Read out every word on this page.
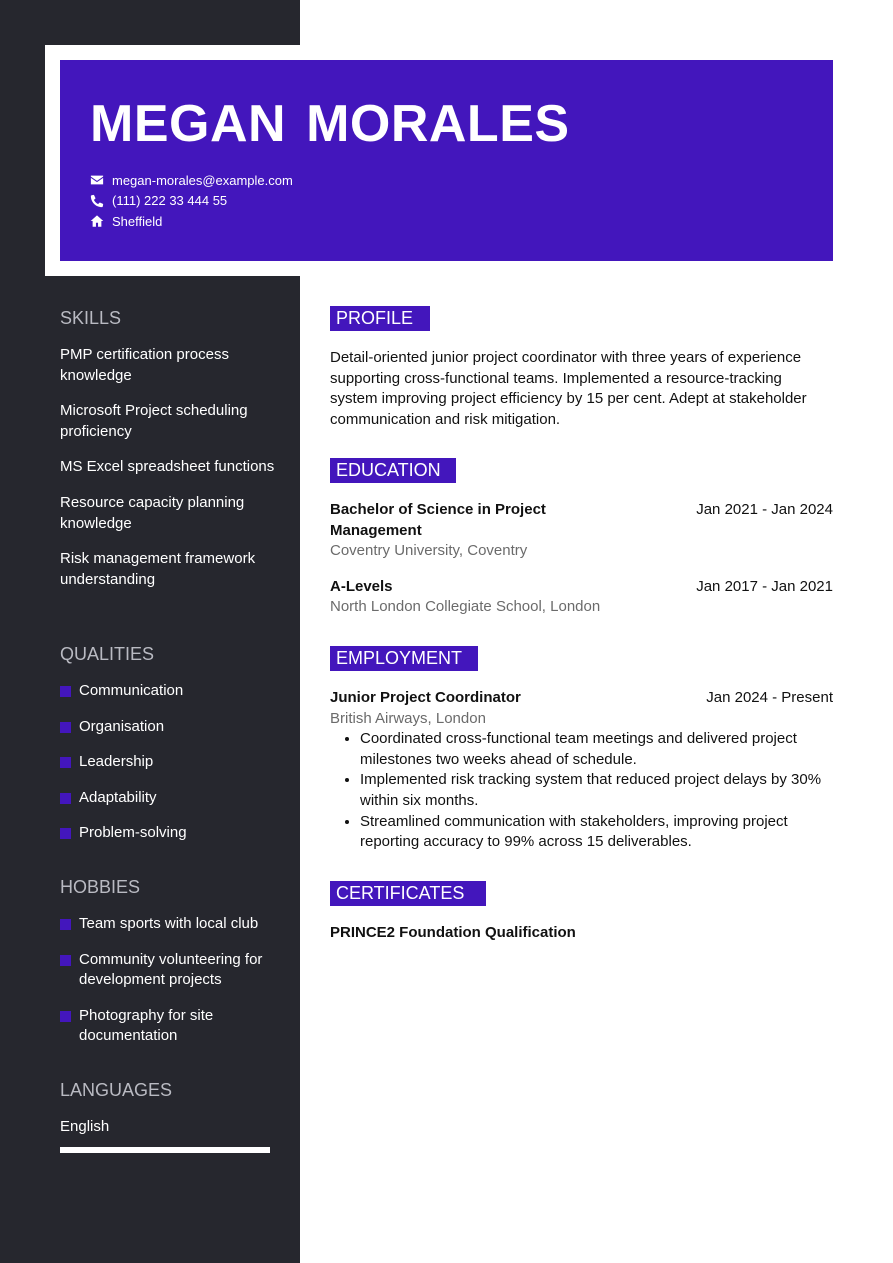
MEGAN MORALES
megan-morales@example.com
(111) 222 33 444 55
Sheffield
SKILLS
PMP certification process knowledge
Microsoft Project scheduling proficiency
MS Excel spreadsheet functions
Resource capacity planning knowledge
Risk management framework understanding
QUALITIES
Communication
Organisation
Leadership
Adaptability
Problem-solving
HOBBIES
Team sports with local club
Community volunteering for development projects
Photography for site documentation
LANGUAGES
English
PROFILE

Detail-oriented junior project coordinator with three years of experience supporting cross-functional teams. Implemented a resource-tracking system improving project efficiency by 15 per cent. Adept at stakeholder communication and risk mitigation.

EDUCATION
Bachelor of Science in Project Management
Jan 2021 - Jan 2024
Coventry University, Coventry
A-Levels	Jan 2017 - Jan 2021
North London Collegiate School, London
EMPLOYMENT
Junior Project Coordinator	Jan 2024 - Present
British Airways, London
• Coordinated cross-functional team meetings and delivered project milestones two weeks ahead of schedule.
• Implemented risk tracking system that reduced project delays by 30% within six months.
• Streamlined communication with stakeholders, improving project reporting accuracy to 99% across 15 deliverables.
CERTIFICATES
PRINCE2 Foundation Qualification
